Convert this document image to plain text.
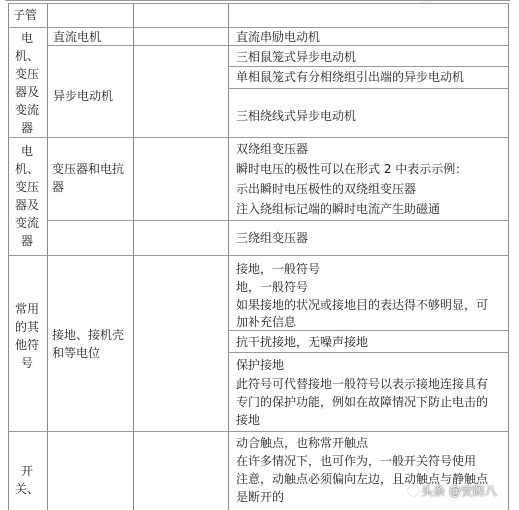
子管
电机、变压器及变流器
电机、变压器及变流器
常用的其他符号
开关、
直流电机
异步电动机
变压器和电抗器
接地、接机壳和等电位
直流串励电动机
三相鼠笼式异步电动机
单相鼠笼式有分相绕组引出端的异步电动机
三相绕线式异步电动机
双绕组变压器
瞬时电压的极性可以在形式 2 中表示示例：
示出瞬时电压极性的双绕组变压器
注入绕组标记端的瞬时电流产生助磁通
三绕组变压器
接地，一般符号
地，一般符号
如果接地的状况或接地目的表达得不够明显，可
加补充信息
抗干扰接地，无噪声接地
保护接地
此符号可代替接地一般符号以表示接地连接具有
专门的保护功能，例如在故障情况下防止电击的
接地
动合触点，也称常开触点
在许多情况下，也可作为，一般开关符号使用
注意，动触点必须偏向左边，且动触点与静触点
是断开的	头条 @安防八
